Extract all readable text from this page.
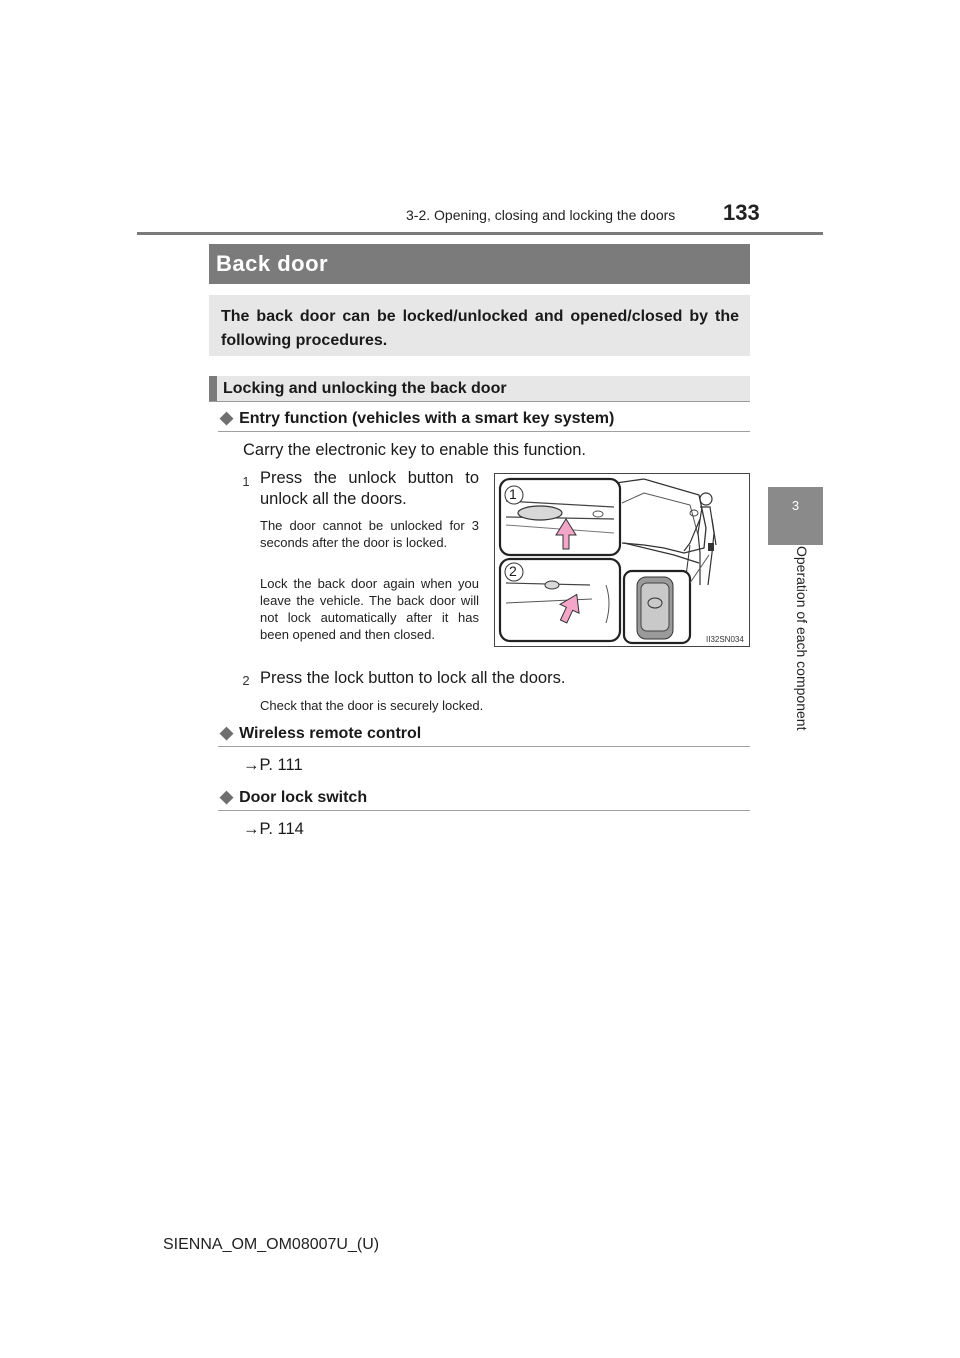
3-2. Opening, closing and locking the doors 133
3
Operation of each component
Back door
The back door can be locked/unlocked and opened/closed by the following procedures.
Locking and unlocking the back door
◆ Entry function (vehicles with a smart key system)
Carry the electronic key to enable this function.
1 Press the unlock button to
unlock all the doors.
The door cannot be unlocked for 3 seconds after the door is locked.
Lock the back door again when you leave the vehicle. The back door will not lock automatically after it has been opened and then closed.
1
2
II32SN034
2 Press the lock button to lock all the doors.
Check that the door is securely locked.
◆ Wireless remote control
→P. 111
◆ Door lock switch
→P. 114
SIENNA_OM_OM08007U_(U)
